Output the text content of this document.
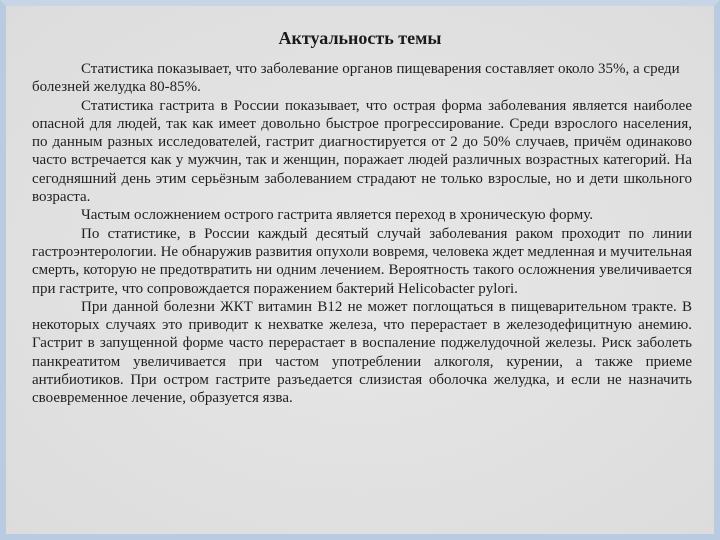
Актуальность темы

Статистика показывает, что заболевание органов пищеварения составляет около 35%, а среди болезней желудка 80-85%.

Статистика гастрита в России показывает, что острая форма заболевания является наиболее опасной для людей, так как имеет довольно быстрое прогрессирование. Среди взрослого населения, по данным разных исследователей, гастрит диагностируется от 2 до 50% случаев, причём одинаково часто встречается как у мужчин, так и женщин, поражает людей различных возрастных категорий. На сегодняшний день этим серьёзным заболеванием страдают не только взрослые, но и дети школьного возраста.

Частым осложнением острого гастрита является переход в хроническую форму.

По статистике, в России каждый десятый случай заболевания раком проходит по линии гастроэнтерологии. Не обнаружив развития опухоли вовремя, человека ждет медленная и мучительная смерть, которую не предотвратить ни одним лечением. Вероятность такого осложнения увеличивается при гастрите, что сопровождается поражением бактерий Helicobacter pylori.

При данной болезни ЖКТ витамин В12 не может поглощаться в пищеварительном тракте. В некоторых случаях это приводит к нехватке железа, что перерастает в железодефицитную анемию. Гастрит в запущенной форме часто перерастает в воспаление поджелудочной железы. Риск заболеть панкреатитом увеличивается при частом употреблении алкоголя, курении, а также приеме антибиотиков. При остром гастрите разъедается слизистая оболочка желудка, и если не назначить своевременное лечение, образуется язва.
